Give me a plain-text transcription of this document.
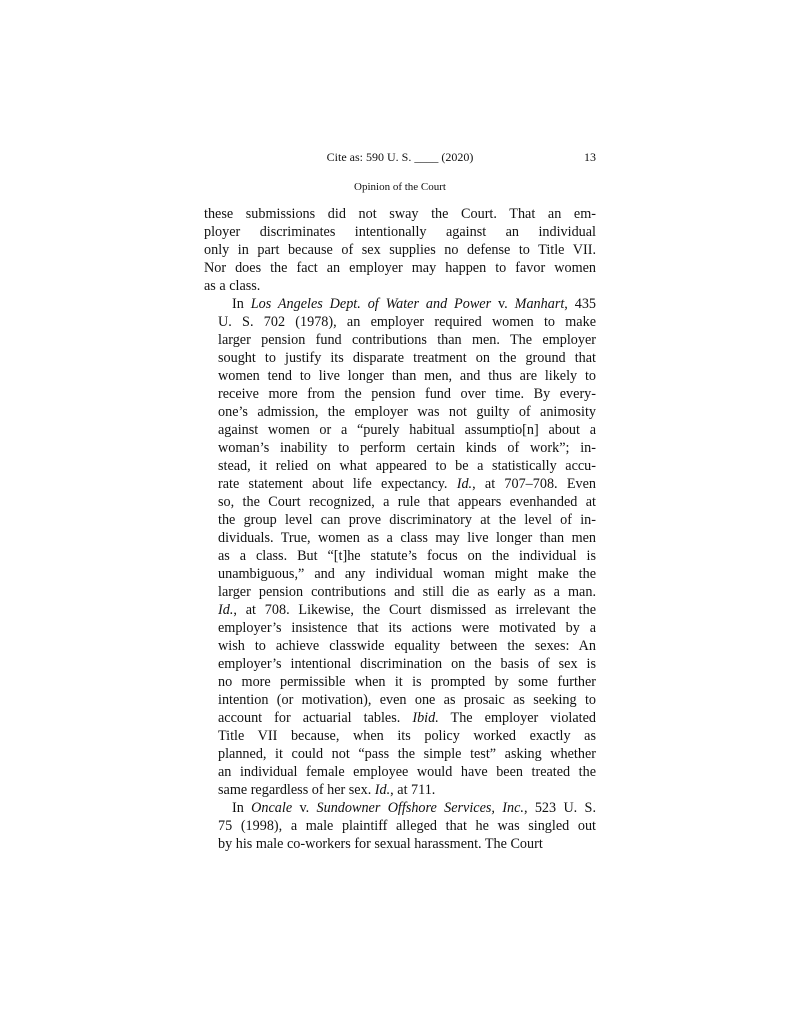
Cite as: 590 U. S. ____ (2020)	13
Opinion of the Court

these submissions did not sway the Court. That an em-
ployer discriminates intentionally against an individual
only in part because of sex supplies no defense to Title VII.
Nor does the fact an employer may happen to favor women
as a class.

In Los Angeles Dept. of Water and Power v. Manhart, 435
U. S. 702 (1978), an employer required women to make
larger pension fund contributions than men. The employer
sought to justify its disparate treatment on the ground that
women tend to live longer than men, and thus are likely to
receive more from the pension fund over time. By every-
one’s admission, the employer was not guilty of animosity
against women or a “purely habitual assumptio[n] about a
woman’s inability to perform certain kinds of work”; in-
stead, it relied on what appeared to be a statistically accu-
rate statement about life expectancy. Id., at 707–708. Even
so, the Court recognized, a rule that appears evenhanded at
the group level can prove discriminatory at the level of in-
dividuals. True, women as a class may live longer than men
as a class. But “[t]he statute’s focus on the individual is
unambiguous,” and any individual woman might make the
larger pension contributions and still die as early as a man.
Id., at 708. Likewise, the Court dismissed as irrelevant the
employer’s insistence that its actions were motivated by a
wish to achieve classwide equality between the sexes: An
employer’s intentional discrimination on the basis of sex is
no more permissible when it is prompted by some further
intention (or motivation), even one as prosaic as seeking to
account for actuarial tables. Ibid. The employer violated
Title VII because, when its policy worked exactly as
planned, it could not “pass the simple test” asking whether
an individual female employee would have been treated the
same regardless of her sex. Id., at 711.

In Oncale v. Sundowner Offshore Services, Inc., 523 U. S.
75 (1998), a male plaintiff alleged that he was singled out
by his male co-workers for sexual harassment. The Court
